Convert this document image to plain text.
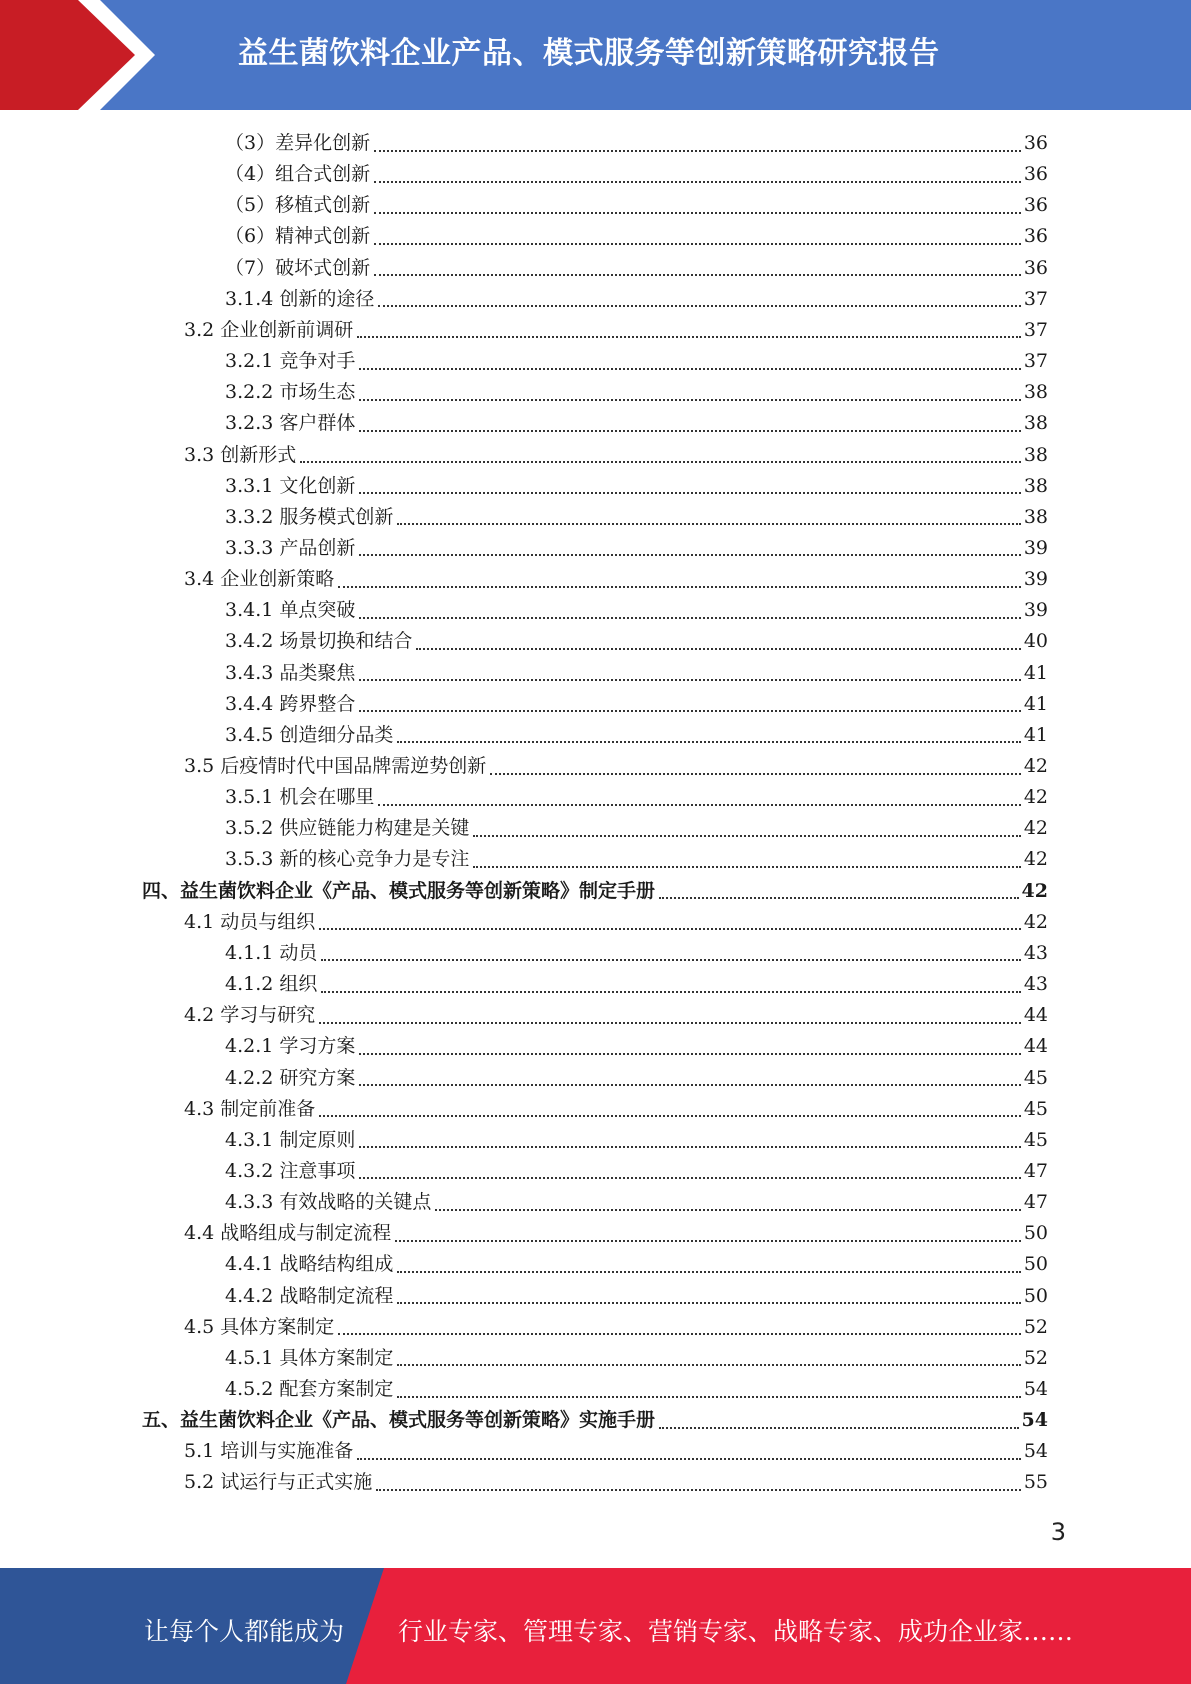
益生菌饮料企业产品、模式服务等创新策略研究报告
（3）差异化创新	36
（4）组合式创新	36
（5）移植式创新	36
（6）精神式创新	36
（7）破坏式创新	36
3.1.4 创新的途径	37
3.2 企业创新前调研	37
3.2.1 竞争对手	37
3.2.2 市场生态	38
3.2.3 客户群体	38
3.3 创新形式	38
3.3.1 文化创新	38
3.3.2 服务模式创新	38
3.3.3 产品创新	39
3.4 企业创新策略	39
3.4.1 单点突破	39
3.4.2 场景切换和结合	40
3.4.3 品类聚焦	41
3.4.4 跨界整合	41
3.4.5 创造细分品类	41
3.5 后疫情时代中国品牌需逆势创新	42
3.5.1 机会在哪里	42
3.5.2 供应链能力构建是关键	42
3.5.3 新的核心竞争力是专注	42
四、益生菌饮料企业《产品、模式服务等创新策略》制定手册	42
4.1 动员与组织	42
4.1.1 动员	43
4.1.2 组织	43
4.2 学习与研究	44
4.2.1 学习方案	44
4.2.2 研究方案	45
4.3 制定前准备	45
4.3.1 制定原则	45
4.3.2 注意事项	47
4.3.3 有效战略的关键点	47
4.4 战略组成与制定流程	50
4.4.1 战略结构组成	50
4.4.2 战略制定流程	50
4.5 具体方案制定	52
4.5.1 具体方案制定	52
4.5.2 配套方案制定	54
五、益生菌饮料企业《产品、模式服务等创新策略》实施手册	54
5.1 培训与实施准备	54
5.2 试运行与正式实施	55
3
让每个人都能成为 行业专家、管理专家、营销专家、战略专家、成功企业家……
